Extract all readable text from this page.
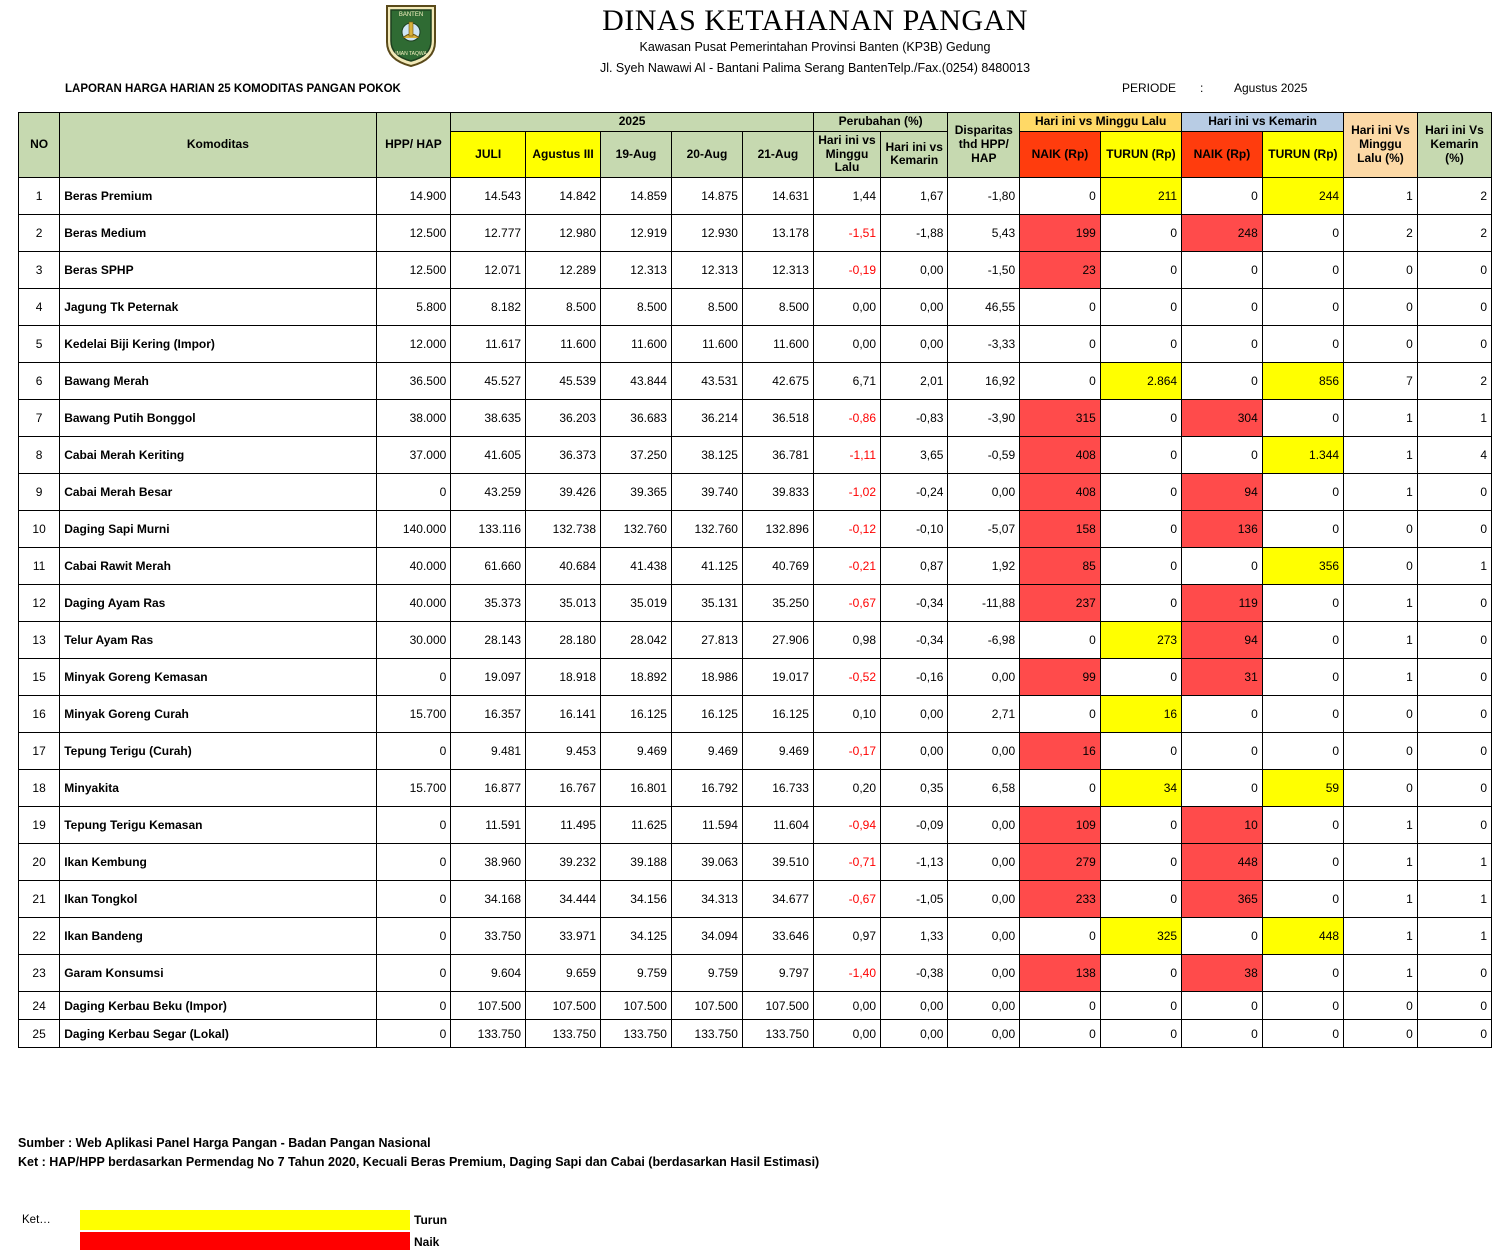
BANTEN
IMAN TAQWA
DINAS KETAHANAN PANGAN
Kawasan Pusat Pemerintahan Provinsi Banten (KP3B) Gedung
Jl. Syeh Nawawi Al - Bantani Palima Serang BantenTelp./Fax.(0254) 8480013
LAPORAN HARGA HARIAN 25 KOMODITAS PANGAN POKOK	PERIODE :	Agustus 2025
NO	Komoditas	HPP/ HAP	2025					Perubahan (%)		Disparitas thd HPP/ HAP	Hari ini vs Minggu Lalu		Hari ini vs Kemarin		Hari ini Vs Minggu Lalu (%)	Hari ini Vs Kemarin (%)
			JULI	Agustus III	19-Aug	20-Aug	21-Aug	Hari ini vs Minggu Lalu	Hari ini vs Kemarin		NAIK (Rp)	TURUN (Rp)	NAIK (Rp)	TURUN (Rp)		
1	Beras Premium	14.900	14.543	14.842	14.859	14.875	14.631	1,44	1,67	-1,80	0	211	0	244	1	2
2	Beras Medium	12.500	12.777	12.980	12.919	12.930	13.178	-1,51	-1,88	5,43	199	0	248	0	2	2
3	Beras SPHP	12.500	12.071	12.289	12.313	12.313	12.313	-0,19	0,00	-1,50	23	0	0	0	0	0
4	Jagung Tk Peternak	5.800	8.182	8.500	8.500	8.500	8.500	0,00	0,00	46,55	0	0	0	0	0	0
5	Kedelai Biji Kering (Impor)	12.000	11.617	11.600	11.600	11.600	11.600	0,00	0,00	-3,33	0	0	0	0	0	0
6	Bawang Merah	36.500	45.527	45.539	43.844	43.531	42.675	6,71	2,01	16,92	0	2.864	0	856	7	2
7	Bawang Putih Bonggol	38.000	38.635	36.203	36.683	36.214	36.518	-0,86	-0,83	-3,90	315	0	304	0	1	1
8	Cabai Merah Keriting	37.000	41.605	36.373	37.250	38.125	36.781	-1,11	3,65	-0,59	408	0	0	1.344	1	4
9	Cabai Merah Besar	0	43.259	39.426	39.365	39.740	39.833	-1,02	-0,24	0,00	408	0	94	0	1	0
10	Daging Sapi Murni	140.000	133.116	132.738	132.760	132.760	132.896	-0,12	-0,10	-5,07	158	0	136	0	0	0
11	Cabai Rawit Merah	40.000	61.660	40.684	41.438	41.125	40.769	-0,21	0,87	1,92	85	0	0	356	0	1
12	Daging Ayam Ras	40.000	35.373	35.013	35.019	35.131	35.250	-0,67	-0,34	-11,88	237	0	119	0	1	0
13	Telur Ayam Ras	30.000	28.143	28.180	28.042	27.813	27.906	0,98	-0,34	-6,98	0	273	94	0	1	0
15	Minyak Goreng Kemasan	0	19.097	18.918	18.892	18.986	19.017	-0,52	-0,16	0,00	99	0	31	0	1	0
16	Minyak Goreng Curah	15.700	16.357	16.141	16.125	16.125	16.125	0,10	0,00	2,71	0	16	0	0	0	0
17	Tepung Terigu (Curah)	0	9.481	9.453	9.469	9.469	9.469	-0,17	0,00	0,00	16	0	0	0	0	0
18	Minyakita	15.700	16.877	16.767	16.801	16.792	16.733	0,20	0,35	6,58	0	34	0	59	0	0
19	Tepung Terigu Kemasan	0	11.591	11.495	11.625	11.594	11.604	-0,94	-0,09	0,00	109	0	10	0	1	0
20	Ikan Kembung	0	38.960	39.232	39.188	39.063	39.510	-0,71	-1,13	0,00	279	0	448	0	1	1
21	Ikan Tongkol	0	34.168	34.444	34.156	34.313	34.677	-0,67	-1,05	0,00	233	0	365	0	1	1
22	Ikan Bandeng	0	33.750	33.971	34.125	34.094	33.646	0,97	1,33	0,00	0	325	0	448	1	1
23	Garam Konsumsi	0	9.604	9.659	9.759	9.759	9.797	-1,40	-0,38	0,00	138	0	38	0	1	0
24	Daging Kerbau Beku (Impor)	0	107.500	107.500	107.500	107.500	107.500	0,00	0,00	0,00	0	0	0	0	0	0
25	Daging Kerbau Segar (Lokal)	0	133.750	133.750	133.750	133.750	133.750	0,00	0,00	0,00	0	0	0	0	0	0
Sumber : Web Aplikasi Panel Harga Pangan - Badan Pangan Nasional
Ket : HAP/HPP berdasarkan Permendag No 7 Tahun 2020, Kecuali Beras Premium, Daging Sapi dan Cabai (berdasarkan Hasil Estimasi)
Ket…	Turun
Naik
